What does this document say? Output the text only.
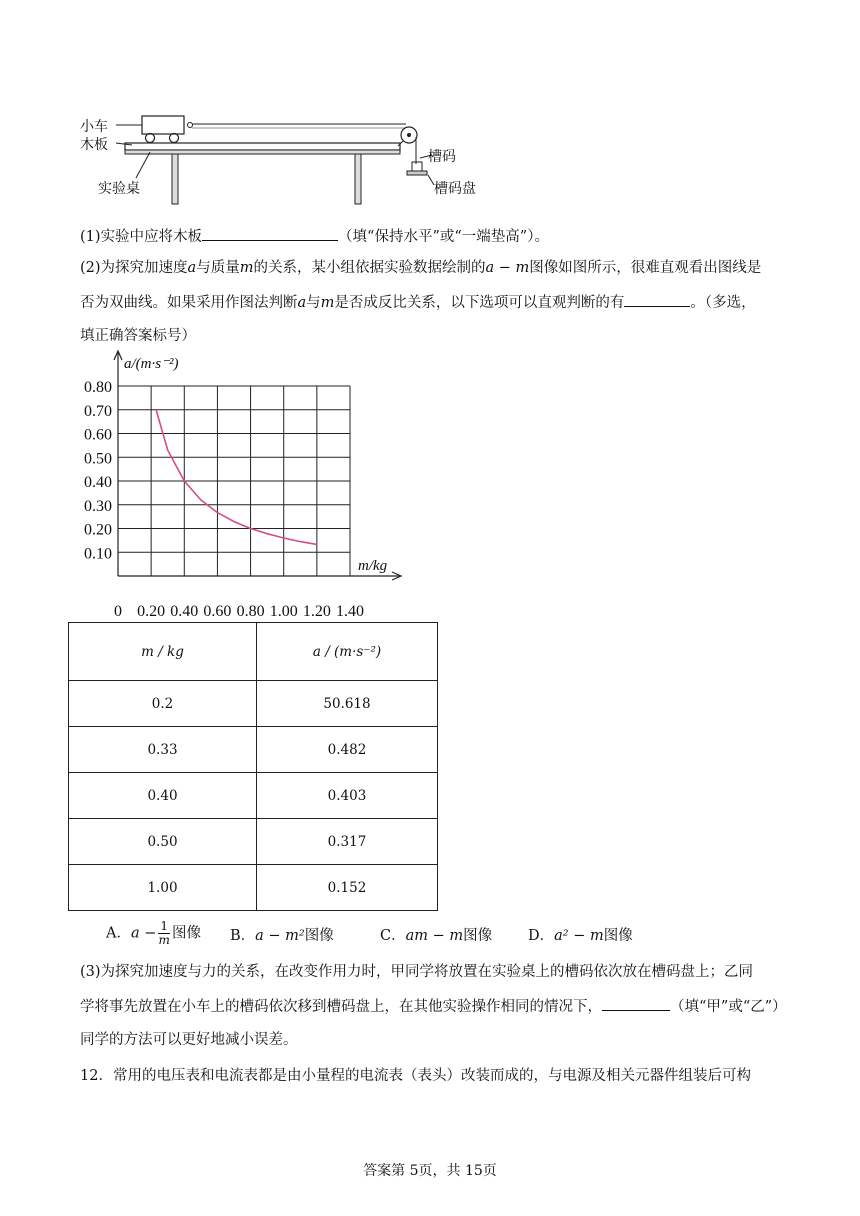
小车
木板
实验桌
槽码
槽码盘
(1)实验中应将木板	（填“保持水平”或“一端垫高”）。
(2)为探究加速度a与质量m的关系，某小组依据实验数据绘制的a − m图像如图所示，很难直观看出图线是
否为双曲线。如果采用作图法判断a与m是否成反比关系，以下选项可以直观判断的有	。（多选，
填正确答案标号）
0.80
0.70
0.60
0.50
0.40
0.30
0.20
0.10
0 0.20 0.40 0.60 0.80 1.00 1.20 1.40
a/(m·s⁻²)
m/kg
m / kg	a / (m·s⁻²)
0.2	50.618
0.33	0.482
0.40	0.403
0.50	0.317
1.00	0.152
A．$a - \frac{1}{m}$ 图像 B．a − m²图像	C．am − m图像 D．a² − m图像
(3)为探究加速度与力的关系，在改变作用力时，甲同学将放置在实验桌上的槽码依次放在槽码盘上；乙同
学将事先放置在小车上的槽码依次移到槽码盘上，在其他实验操作相同的情况下，	（填“甲”或“乙”）
同学的方法可以更好地减小误差。
12．常用的电压表和电流表都是由小量程的电流表（表头）改装而成的，与电源及相关元器件组装后可构
答案第 5页，共 15页
